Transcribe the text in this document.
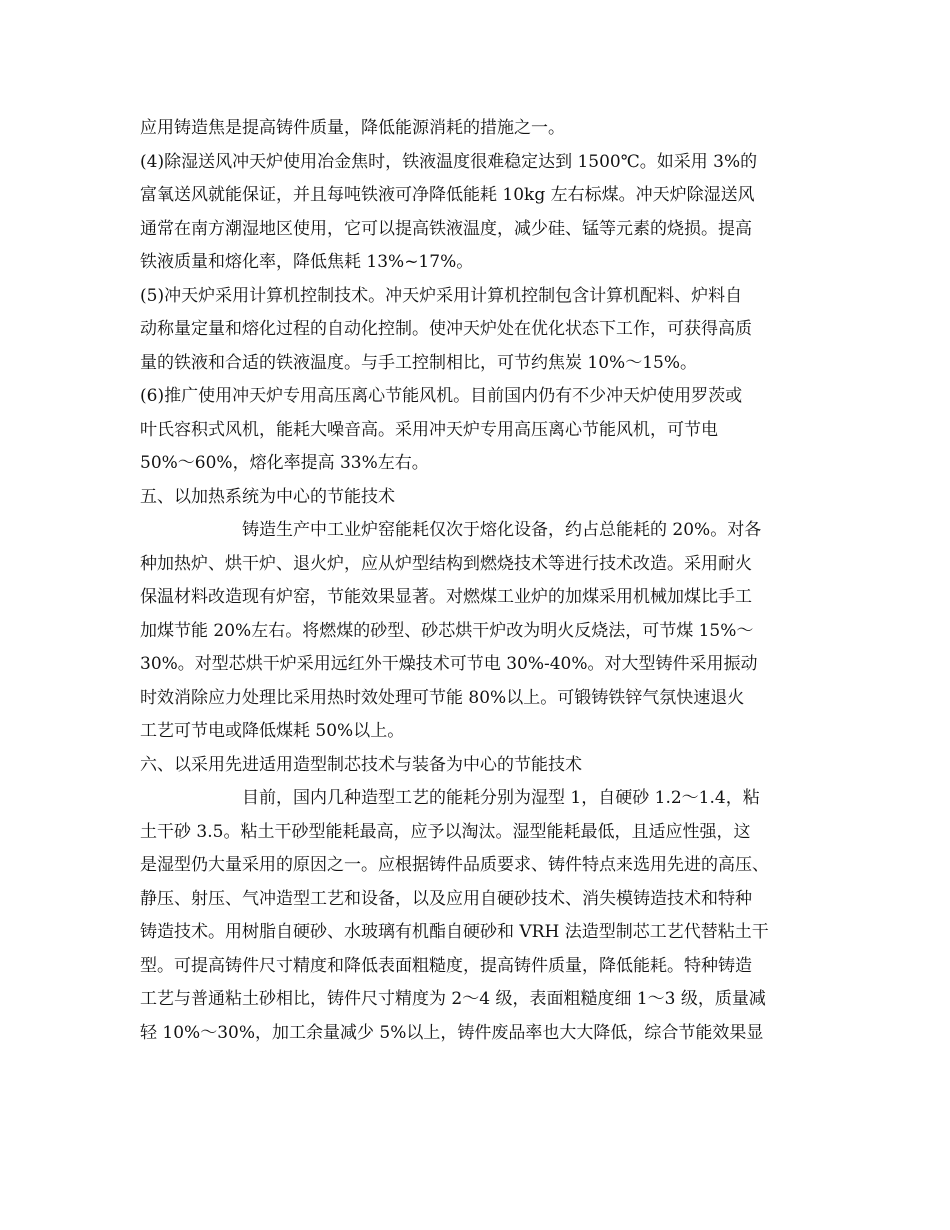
应用铸造焦是提高铸件质量，降低能源消耗的措施之一。
(4)除湿送风冲天炉使用冶金焦时，铁液温度很难稳定达到 1500℃。如采用 3%的
富氧送风就能保证，并且每吨铁液可净降低能耗 10kg 左右标煤。冲天炉除湿送风
通常在南方潮湿地区使用，它可以提高铁液温度，减少硅、锰等元素的烧损。提高
铁液质量和熔化率，降低焦耗 13%~17%。
(5)冲天炉采用计算机控制技术。冲天炉采用计算机控制包含计算机配料、炉料自
动称量定量和熔化过程的自动化控制。使冲天炉处在优化状态下工作，可获得高质
量的铁液和合适的铁液温度。与手工控制相比，可节约焦炭 10%～15%。
(6)推广使用冲天炉专用高压离心节能风机。目前国内仍有不少冲天炉使用罗茨或
叶氏容积式风机，能耗大噪音高。采用冲天炉专用高压离心节能风机，可节电
50%～60%，熔化率提高 33%左右。
五、以加热系统为中心的节能技术
铸造生产中工业炉窑能耗仅次于熔化设备，约占总能耗的 20%。对各
种加热炉、烘干炉、退火炉，应从炉型结构到燃烧技术等进行技术改造。采用耐火
保温材料改造现有炉窑，节能效果显著。对燃煤工业炉的加煤采用机械加煤比手工
加煤节能 20%左右。将燃煤的砂型、砂芯烘干炉改为明火反烧法，可节煤 15%～
30%。对型芯烘干炉采用远红外干燥技术可节电 30%-40%。对大型铸件采用振动
时效消除应力处理比采用热时效处理可节能 80%以上。可锻铸铁锌气氛快速退火
工艺可节电或降低煤耗 50%以上。
六、以采用先进适用造型制芯技术与装备为中心的节能技术
目前，国内几种造型工艺的能耗分别为湿型 1，自硬砂 1.2～1.4，粘
土干砂 3.5。粘土干砂型能耗最高，应予以淘汰。湿型能耗最低，且适应性强，这
是湿型仍大量采用的原因之一。应根据铸件品质要求、铸件特点来选用先进的高压、
静压、射压、气冲造型工艺和设备，以及应用自硬砂技术、消失模铸造技术和特种
铸造技术。用树脂自硬砂、水玻璃有机酯自硬砂和 VRH 法造型制芯工艺代替粘土干
型。可提高铸件尺寸精度和降低表面粗糙度，提高铸件质量，降低能耗。特种铸造
工艺与普通粘土砂相比，铸件尺寸精度为 2～4 级，表面粗糙度细 1～3 级，质量减
轻 10%～30%，加工余量减少 5%以上，铸件废品率也大大降低，综合节能效果显
